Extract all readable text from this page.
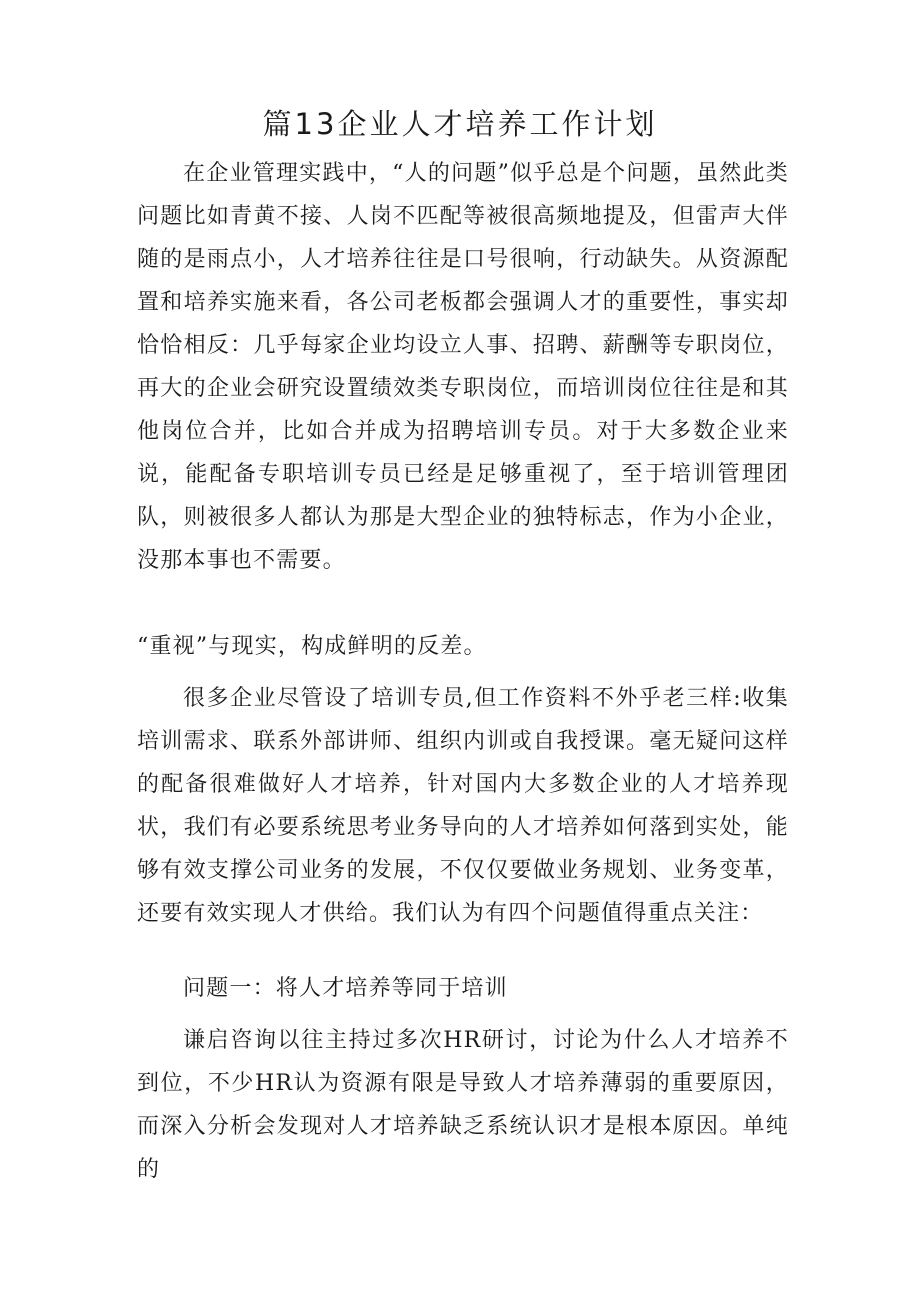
篇13企业人才培养工作计划

在企业管理实践中，“人的问题”似乎总是个问题，虽然此类问题比如青黄不接、人岗不匹配等被很高频地提及，但雷声大伴随的是雨点小，人才培养往往是口号很响，行动缺失。从资源配置和培养实施来看，各公司老板都会强调人才的重要性，事实却恰恰相反：几乎每家企业均设立人事、招聘、薪酬等专职岗位，再大的企业会研究设置绩效类专职岗位，而培训岗位往往是和其他岗位合并，比如合并成为招聘培训专员。对于大多数企业来说，能配备专职培训专员已经是足够重视了，至于培训管理团队，则被很多人都认为那是大型企业的独特标志，作为小企业，没那本事也不需要。

“重视”与现实，构成鲜明的反差。

很多企业尽管设了培训专员,但工作资料不外乎老三样:收集培训需求、联系外部讲师、组织内训或自我授课。毫无疑问这样的配备很难做好人才培养，针对国内大多数企业的人才培养现状，我们有必要系统思考业务导向的人才培养如何落到实处，能够有效支撑公司业务的发展，不仅仅要做业务规划、业务变革，还要有效实现人才供给。我们认为有四个问题值得重点关注：

问题一：将人才培养等同于培训

谦启咨询以往主持过多次HR研讨，讨论为什么人才培养不到位，不少HR认为资源有限是导致人才培养薄弱的重要原因，而深入分析会发现对人才培养缺乏系统认识才是根本原因。单纯的
